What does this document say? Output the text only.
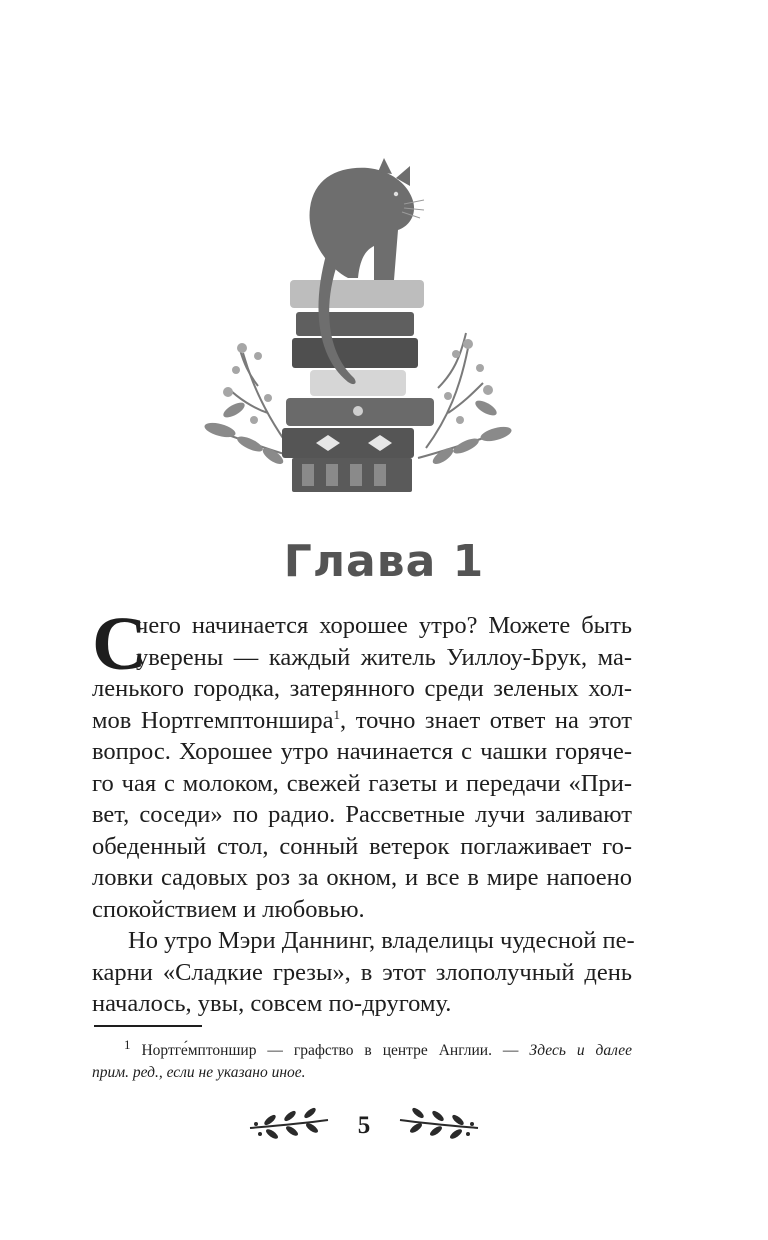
Глава 1
С
чего начинается хорошее утро? Можете быть
уверены — каждый житель Уиллоу-Брук, ма-
ленького городка, затерянного среди зеленых хол-
мов Нортгемптоншира$^1$, точно знает ответ на этот
вопрос. Хорошее утро начинается с чашки горяче-
го чая с молоком, свежей газеты и передачи «При-
вет, соседи» по радио. Рассветные лучи заливают
обеденный стол, сонный ветерок поглаживает го-
ловки садовых роз за окном, и все в мире напоено
спокойствием и любовью.
Но утро Мэри Даннинг, владелицы чудесной пе-
карни «Сладкие грезы», в этот злополучный день
началось, увы, совсем по-другому.
$^1$ Нортге́мптоншир — графство в центре Англии. — Здесь и далее
прим. ред., если не указано иное.
5
